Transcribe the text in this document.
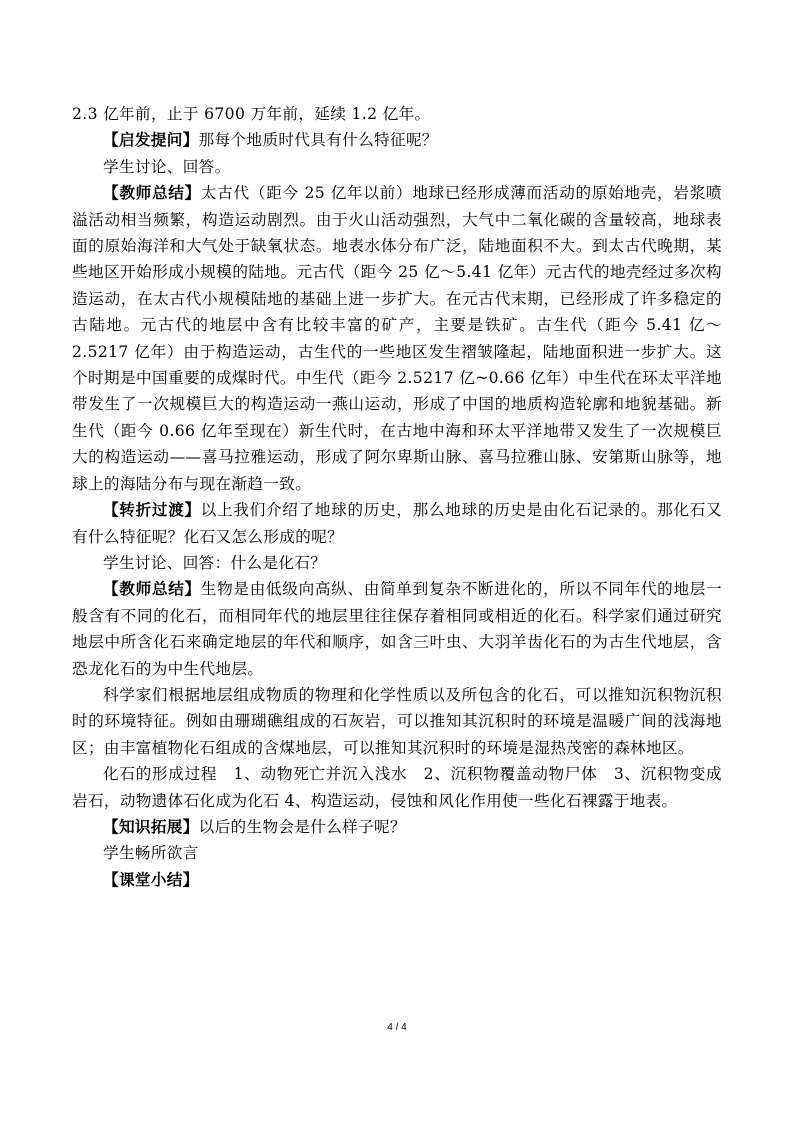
2.3 亿年前，止于 6700 万年前，延续 1.2 亿年。

【启发提问】那每个地质时代具有什么特征呢？

学生讨论、回答。

【教师总结】太古代（距今 25 亿年以前）地球已经形成薄而活动的原始地壳，岩浆喷溢活动相当频繁，构造运动剧烈。由于火山活动强烈，大气中二氧化碳的含量较高，地球表面的原始海洋和大气处于缺氧状态。地表水体分布广泛，陆地面积不大。到太古代晚期，某些地区开始形成小规模的陆地。元古代（距今 25 亿～5.41 亿年）元古代的地壳经过多次构造运动，在太古代小规模陆地的基础上进一步扩大。在元古代末期，已经形成了许多稳定的古陆地。元古代的地层中含有比较丰富的矿产，主要是铁矿。古生代（距今 5.41 亿～2.5217 亿年）由于构造运动，古生代的一些地区发生褶皱隆起，陆地面积进一步扩大。这个时期是中国重要的成煤时代。中生代（距今 2.5217 亿~0.66 亿年）中生代在环太平洋地带发生了一次规模巨大的构造运动一燕山运动，形成了中国的地质构造轮廓和地貌基础。新生代（距今 0.66 亿年至现在）新生代时，在古地中海和环太平洋地带又发生了一次规模巨大的构造运动——喜马拉雅运动，形成了阿尔卑斯山脉、喜马拉雅山脉、安第斯山脉等，地球上的海陆分布与现在渐趋一致。

【转折过渡】以上我们介绍了地球的历史，那么地球的历史是由化石记录的。那化石又有什么特征呢？化石又怎么形成的呢？

学生讨论、回答：什么是化石？

【教师总结】生物是由低级向高纵、由简单到复杂不断进化的，所以不同年代的地层一般含有不同的化石，而相同年代的地层里往往保存着相同或相近的化石。科学家们通过研究地层中所含化石来确定地层的年代和顺序，如含三叶虫、大羽羊齿化石的为古生代地层，含恐龙化石的为中生代地层。

科学家们根据地层组成物质的物理和化学性质以及所包含的化石，可以推知沉积物沉积时的环境特征。例如由珊瑚礁组成的石灰岩，可以推知其沉积时的环境是温暖广间的浅海地区；由丰富植物化石组成的含煤地层，可以推知其沉积时的环境是湿热茂密的森林地区。

化石的形成过程　1、动物死亡并沉入浅水　2、沉积物覆盖动物尸体　3、沉积物变成岩石，动物遗体石化成为化石 4、构造运动，侵蚀和风化作用使一些化石裸露于地表。

【知识拓展】以后的生物会是什么样子呢？

学生畅所欲言

【课堂小结】

4 / 4
